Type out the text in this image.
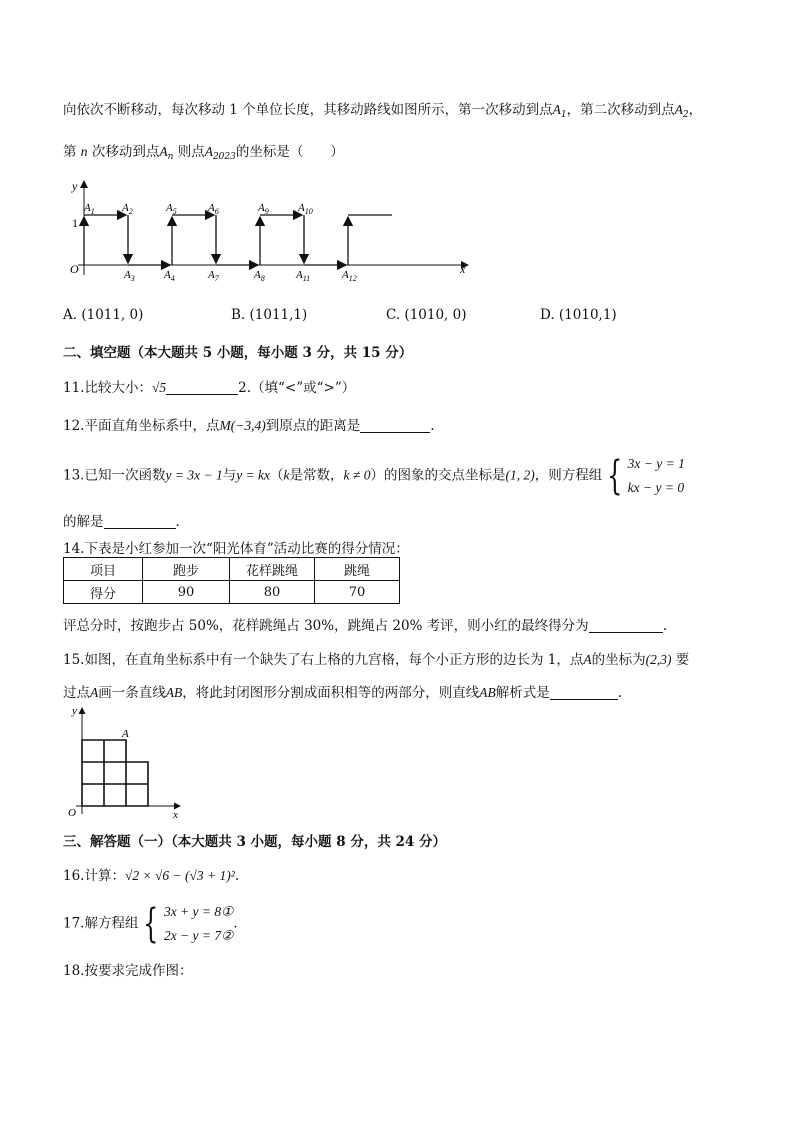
向依次不断移动，每次移动 1 个单位长度，其移动路线如图所示，第一次移动到点$A_1$，第二次移动到点$A_2$，
第 n 次移动到点$A_n$ 则点$A_{2023}$的坐标是（　　）
y
x
O
1
$A_1$ $A_2$
$A_3$	$A_4$
$A_5$	$A_6$
$A_7$	$A_8$
$A_9$	$A_{10}$
$A_{11}$	$A_{12}$
A. (1011, 0)	B. (1011,1)	C. (1010, 0)	D. (1010,1)
二、填空题（本大题共 5 小题，每小题 3 分，共 15 分）
11.比较大小：√5	2.（填“<”或“>”）
12.平面直角坐标系中，点M(−3,4)到原点的距离是	.
13.已知一次函数y = 3x − 1与y = kx（k是常数，k ≠ 0）的图象的交点坐标是(1, 2)，则方程组 { 3x − y = 1
kx − y = 0
的解是	.
14.下表是小红参加一次“阳光体育”活动比赛的得分情况：
项目	跑步	花样跳绳	跳绳
得分	90	80	70
评总分时，按跑步占 50%，花样跳绳占 30%，跳绳占 20% 考评，则小红的最终得分为	.
15.如图，在直角坐标系中有一个缺失了右上格的九宫格，每个小正方形的边长为 1，点A的坐标为(2,3) 要
过点A画一条直线AB，将此封闭图形分割成面积相等的两部分，则直线AB解析式是	.
y
x
O
A
三、解答题（一）（本大题共 3 小题，每小题 8 分，共 24 分）
16.计算：√2 × √6 − (√3 + 1)².
17.解方程组 { 3x + y = 8①
2x − y = 7②
.
18.按要求完成作图：
